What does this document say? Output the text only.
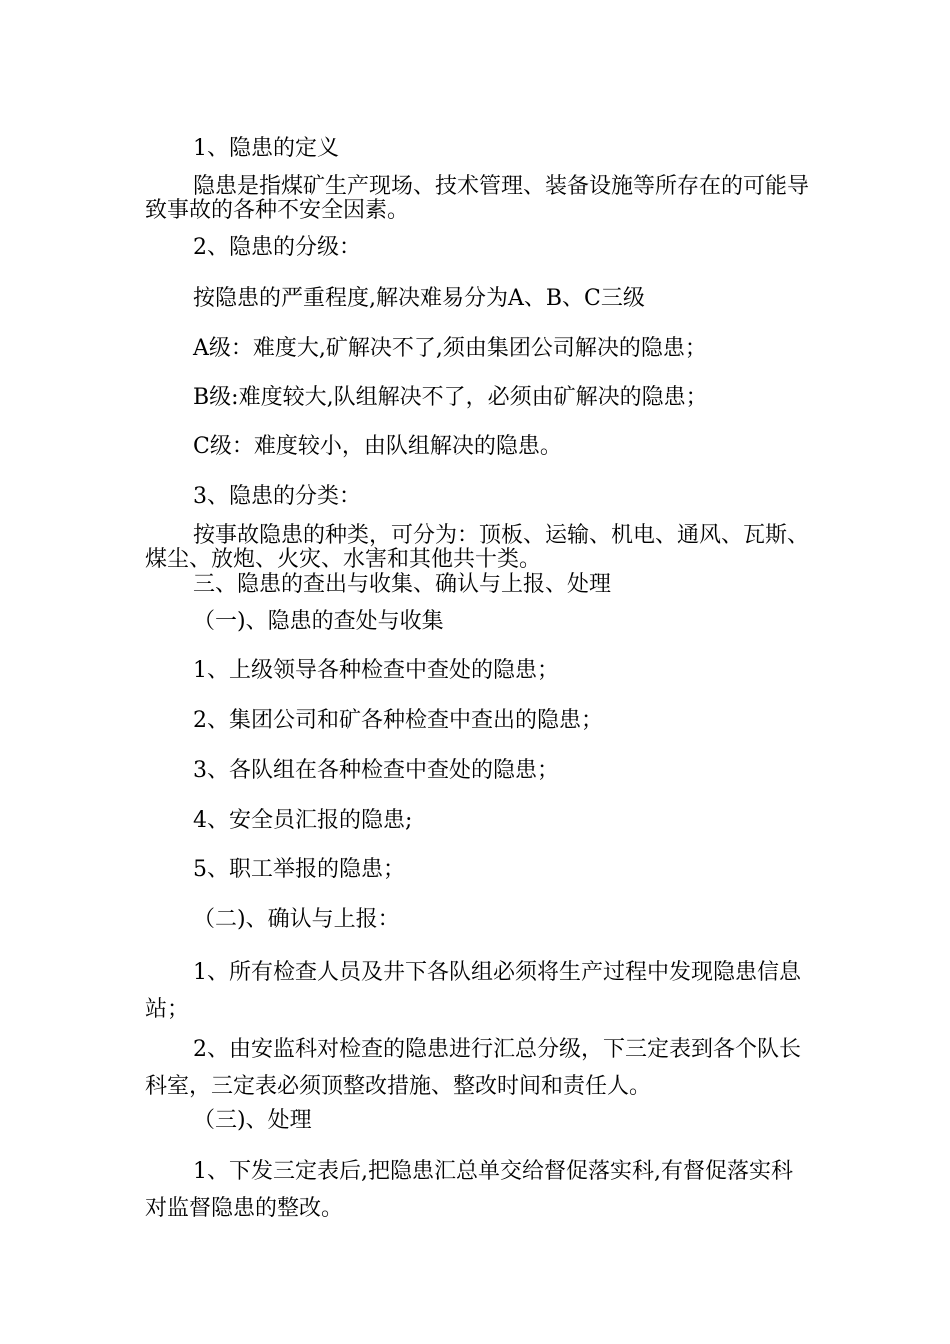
1、隐患的定义

隐患是指煤矿生产现场、技术管理、装备设施等所存在的可能导致事故的各种不安全因素。

2、隐患的分级：

按隐患的严重程度,解决难易分为A、B、C三级

A级：难度大,矿解决不了,须由集团公司解决的隐患；

B级:难度较大,队组解决不了，必须由矿解决的隐患；

C级：难度较小，由队组解决的隐患。

3、隐患的分类：

按事故隐患的种类，可分为：顶板、运输、机电、通风、瓦斯、煤尘、放炮、火灾、水害和其他共十类。

三、隐患的查出与收集、确认与上报、处理

（一)、隐患的查处与收集

1、上级领导各种检查中查处的隐患；

2、集团公司和矿各种检查中查出的隐患；

3、各队组在各种检查中查处的隐患；

4、安全员汇报的隐患;

5、职工举报的隐患；

（二)、确认与上报：

1、所有检查人员及井下各队组必须将生产过程中发现隐患信息站；

2、由安监科对检查的隐患进行汇总分级，下三定表到各个队长科室，三定表必须顶整改措施、整改时间和责任人。

（三)、处理

1、下发三定表后,把隐患汇总单交给督促落实科,有督促落实科对监督隐患的整改。
